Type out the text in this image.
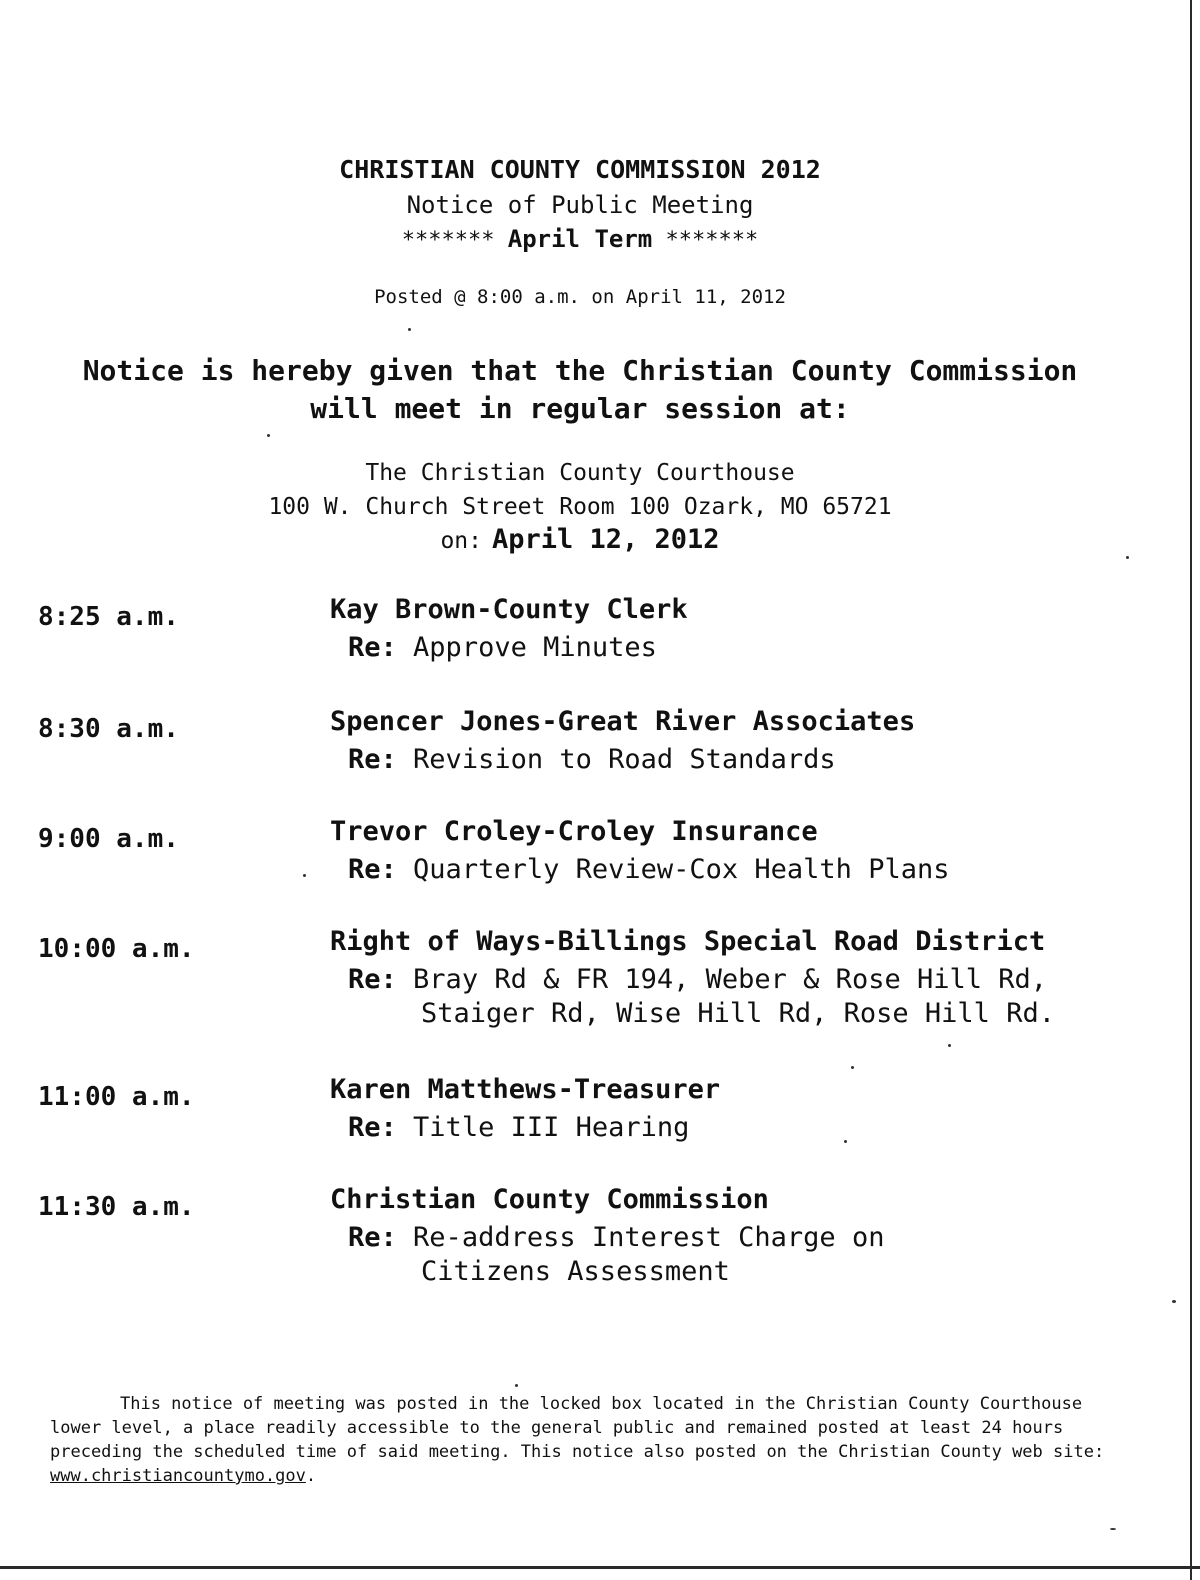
CHRISTIAN COUNTY COMMISSION 2012
Notice of Public Meeting
******* April Term *******
Posted @ 8:00 a.m. on April 11, 2012
Notice is hereby given that the Christian County Commission
will meet in regular session at:
The Christian County Courthouse
100 W. Church Street Room 100 Ozark, MO 65721
on: April 12, 2012
8:25 a.m.	Kay Brown-County Clerk
Re: Approve Minutes
8:30 a.m.	Spencer Jones-Great River Associates
Re: Revision to Road Standards
9:00 a.m.	Trevor Croley-Croley Insurance
Re: Quarterly Review-Cox Health Plans
10:00 a.m.	Right of Ways-Billings Special Road District
Re: Bray Rd & FR 194, Weber & Rose Hill Rd,
Staiger Rd, Wise Hill Rd, Rose Hill Rd.
11:00 a.m.	Karen Matthews-Treasurer
Re: Title III Hearing
11:30 a.m.	Christian County Commission
Re: Re-address Interest Charge on
Citizens Assessment
This notice of meeting was posted in the locked box located in the Christian County Courthouse lower level, a place readily accessible to the general public and remained posted at least 24 hours preceding the scheduled time of said meeting. This notice also posted on the Christian County web site: www.christiancountymo.gov.
